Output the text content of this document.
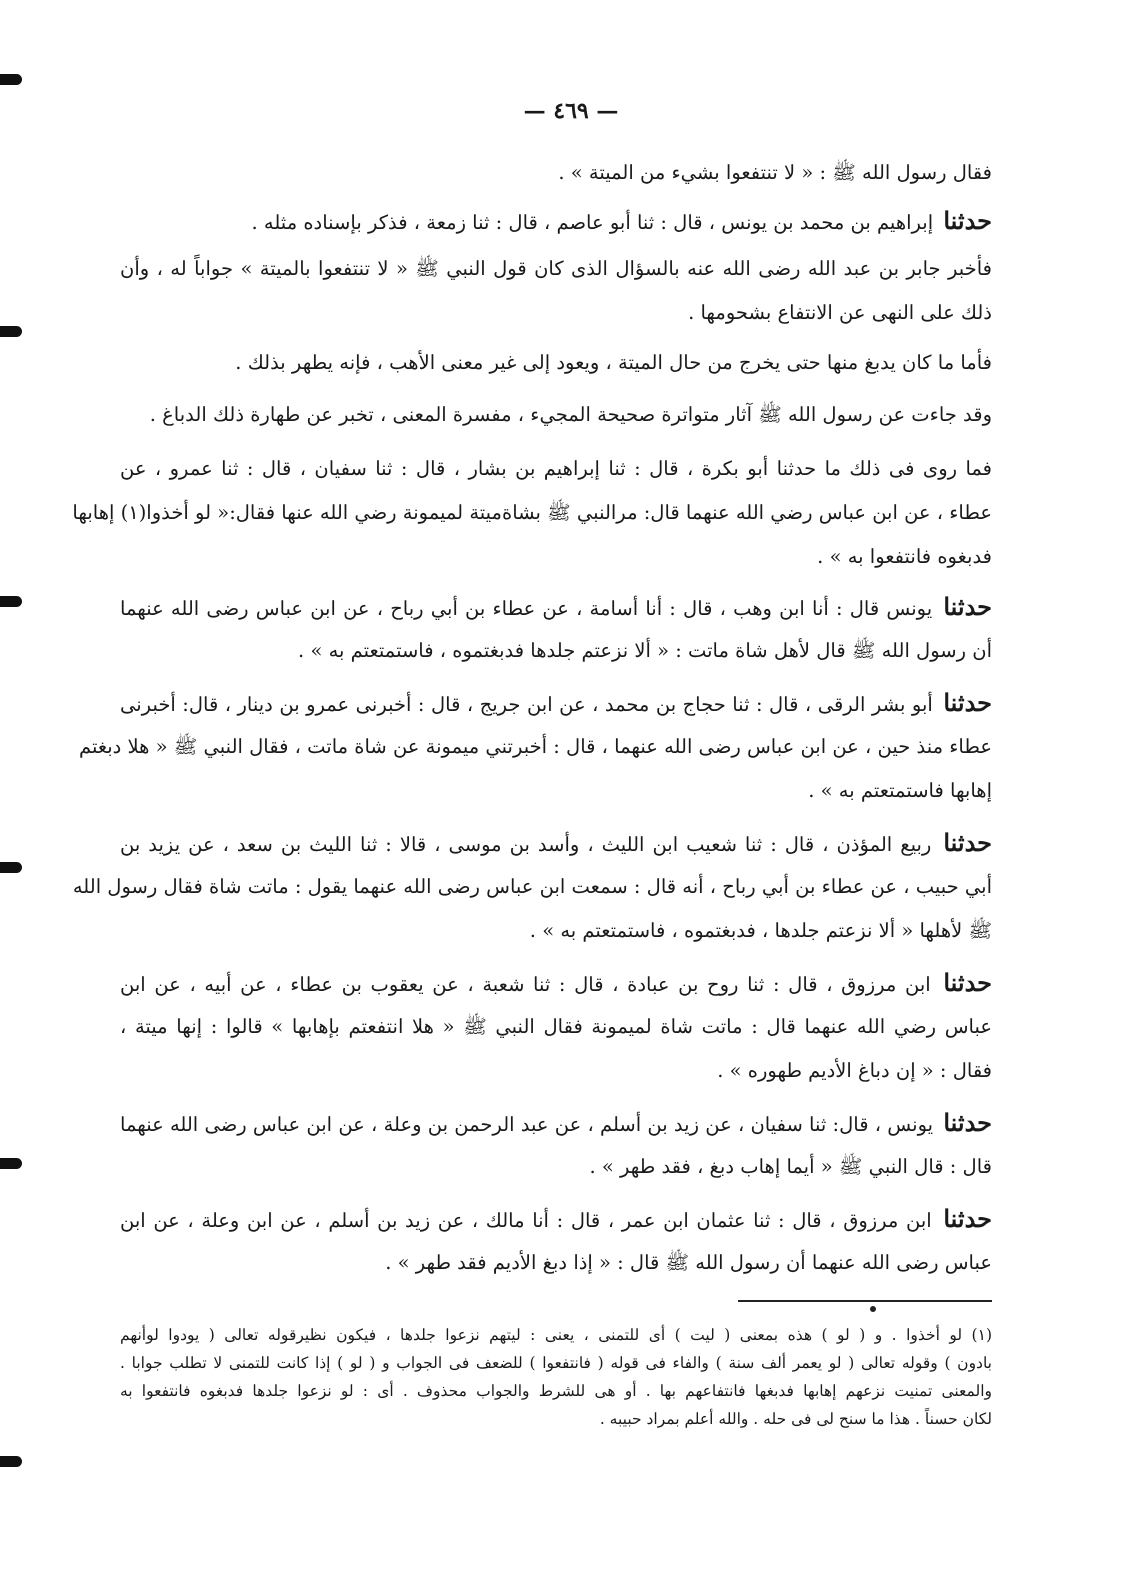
— ٤٦٩ —
فقال رسول الله ﷺ : « لا تنتفعوا بشيء من الميتة » .
حدثنا إبراهيم بن محمد بن يونس ، قال : ثنا أبو عاصم ، قال : ثنا زمعة ، فذكر بإسناده مثله .
فأخبر جابر بن عبد الله رضى الله عنه بالسؤال الذى كان قول النبي ﷺ « لا تنتفعوا بالميتة » جواباً له ، وأن
ذلك على النهى عن الانتفاع بشحومها .
فأما ما كان يدبغ منها حتى يخرج من حال الميتة ، ويعود إلى غير معنى الأهب ، فإنه يطهر بذلك .
وقد جاءت عن رسول الله ﷺ آثار متواترة صحيحة المجيء ، مفسرة المعنى ، تخبر عن طهارة ذلك الدباغ .
فما روى فى ذلك ما حدثنا أبو بكرة ، قال : ثنا إبراهيم بن بشار ، قال : ثنا سفيان ، قال : ثنا عمرو ، عن
عطاء ، عن ابن عباس رضي الله عنهما قال: مرالنبي ﷺ بشاةميتة لميمونة رضي الله عنها فقال:« لو أخذوا(١) إهابها
فدبغوه فانتفعوا به » .
حدثنا يونس قال : أنا ابن وهب ، قال : أنا أسامة ، عن عطاء بن أبي رباح ، عن ابن عباس رضى الله عنهما
أن رسول الله ﷺ قال لأهل شاة ماتت : « ألا نزعتم جلدها فدبغتموه ، فاستمتعتم به » .
حدثنا أبو بشر الرقى ، قال : ثنا حجاج بن محمد ، عن ابن جريج ، قال : أخبرنى عمرو بن دينار ، قال: أخبرنى
عطاء منذ حين ، عن ابن عباس رضى الله عنهما ، قال : أخبرتني ميمونة عن شاة ماتت ، فقال النبي ﷺ « هلا دبغتم
إهابها فاستمتعتم به » .
حدثنا ربيع المؤذن ، قال : ثنا شعيب ابن الليث ، وأسد بن موسى ، قالا : ثنا الليث بن سعد ، عن يزيد بن
أبي حبيب ، عن عطاء بن أبي رباح ، أنه قال : سمعت ابن عباس رضى الله عنهما يقول : ماتت شاة فقال رسول الله
ﷺ لأهلها « ألا نزعتم جلدها ، فدبغتموه ، فاستمتعتم به » .
حدثنا ابن مرزوق ، قال : ثنا روح بن عبادة ، قال : ثنا شعبة ، عن يعقوب بن عطاء ، عن أبيه ، عن ابن
عباس رضي الله عنهما قال : ماتت شاة لميمونة فقال النبي ﷺ « هلا انتفعتم بإهابها » قالوا : إنها ميتة ،
فقال : « إن دباغ الأديم طهوره » .
حدثنا يونس ، قال: ثنا سفيان ، عن زيد بن أسلم ، عن عبد الرحمن بن وعلة ، عن ابن عباس رضى الله عنهما
قال : قال النبي ﷺ « أيما إهاب دبغ ، فقد طهر » .
حدثنا ابن مرزوق ، قال : ثنا عثمان ابن عمر ، قال : أنا مالك ، عن زيد بن أسلم ، عن ابن وعلة ، عن ابن
عباس رضى الله عنهما أن رسول الله ﷺ قال : « إذا دبغ الأديم فقد طهر » .
(١) لو أخذوا . و ( لو ) هذه بمعنى ( ليت ) أى للتمنى ، يعنى : ليتهم نزعوا جلدها ، فيكون نظيرقوله تعالى ( يودوا لوأنهم
بادون ) وقوله تعالى ( لو يعمر ألف سنة ) والفاء فى قوله ( فانتفعوا ) للضعف فى الجواب و ( لو ) إذا كانت للتمنى لا تطلب جوابا .
والمعنى تمنيت نزعهم إهابها فدبغها فانتفاعهم بها . أو هى للشرط والجواب محذوف . أى : لو نزعوا جلدها فدبغوه فانتفعوا به
لكان حسناً . هذا ما سنح لى فى حله . والله أعلم بمراد حبيبه .
